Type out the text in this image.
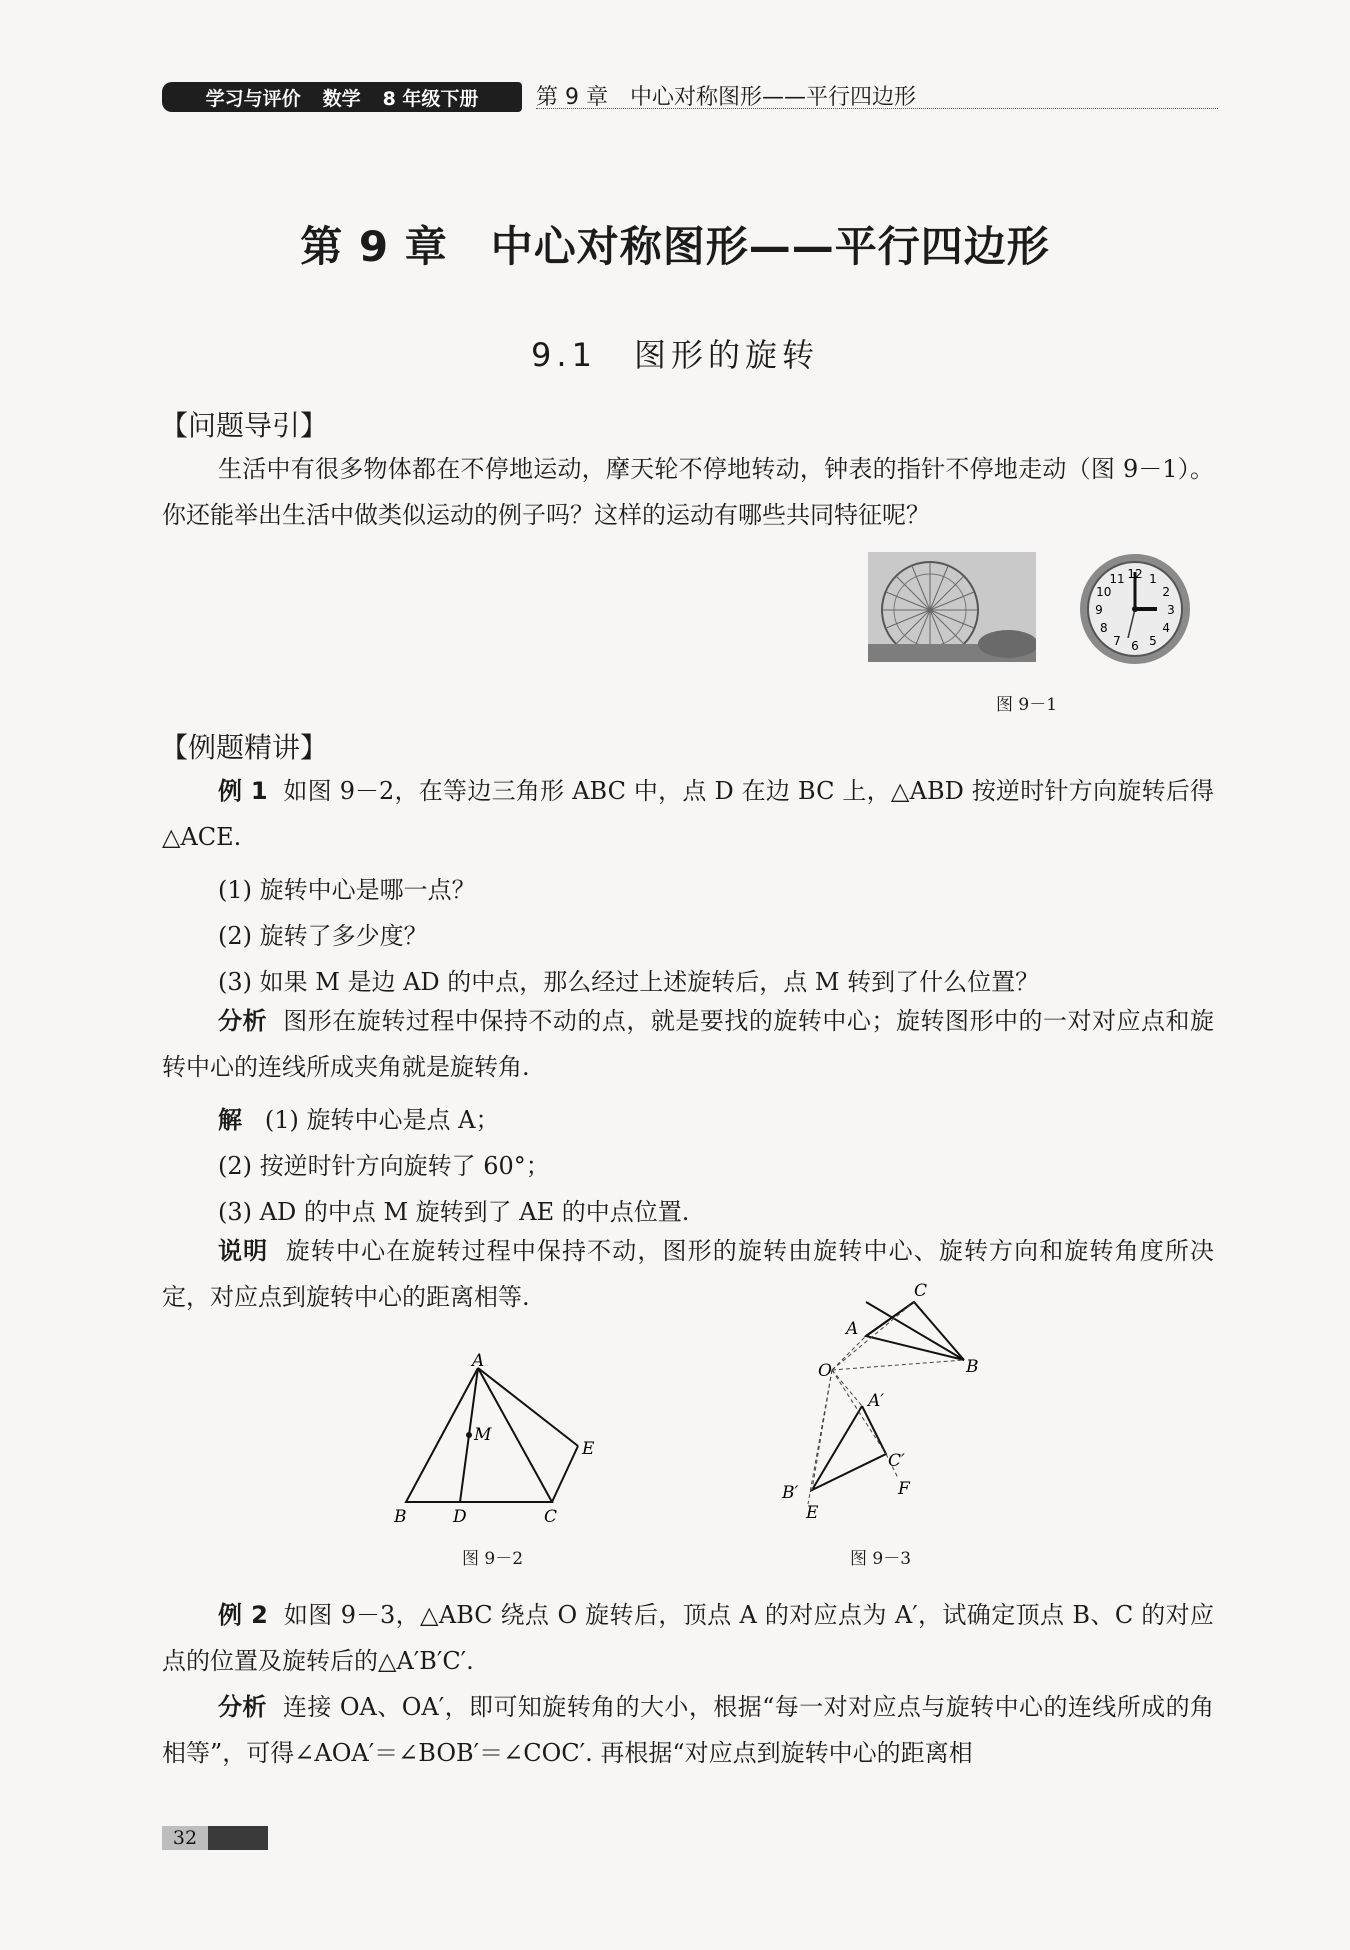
学习与评价 数学 8 年级下册	第 9 章　中心对称图形——平行四边形
第 9 章　中心对称图形——平行四边形
9.1　图形的旋转
【问题导引】
生活中有很多物体都在不停地运动，摩天轮不停地转动，钟表的指针不停地走动（图 9－1）。你还能举出生活中做类似运动的例子吗？这样的运动有哪些共同特征呢？
12 1
2
3
4
5
6
7
8
9
10
11
图 9－1
【例题精讲】
例 1 如图 9－2，在等边三角形 ABC 中，点 D 在边 BC 上，△ABD 按逆时针方向旋转后得△ACE.
(1) 旋转中心是哪一点？
(2) 旋转了多少度？
(3) 如果 M 是边 AD 的中点，那么经过上述旋转后，点 M 转到了什么位置？
分析 图形在旋转过程中保持不动的点，就是要找的旋转中心；旋转图形中的一对对应点和旋转中心的连线所成夹角就是旋转角.
解 (1) 旋转中心是点 A；
(2) 按逆时针方向旋转了 60°；
(3) AD 的中点 M 旋转到了 AE 的中点位置.
说明 旋转中心在旋转过程中保持不动，图形的旋转由旋转中心、旋转方向和旋转角度所决定，对应点到旋转中心的距离相等.
A
B	D	C
E
M
图 9－2
C
A
B
O
A′
C′
B′	F
E
图 9－3
例 2 如图 9－3，△ABC 绕点 O 旋转后，顶点 A 的对应点为 A′，试确定顶点 B、C 的对应点的位置及旋转后的△A′B′C′.
分析 连接 OA、OA′，即可知旋转角的大小，根据“每一对对应点与旋转中心的连线所成的角相等”，可得∠AOA′＝∠BOB′＝∠COC′. 再根据“对应点到旋转中心的距离相
32
